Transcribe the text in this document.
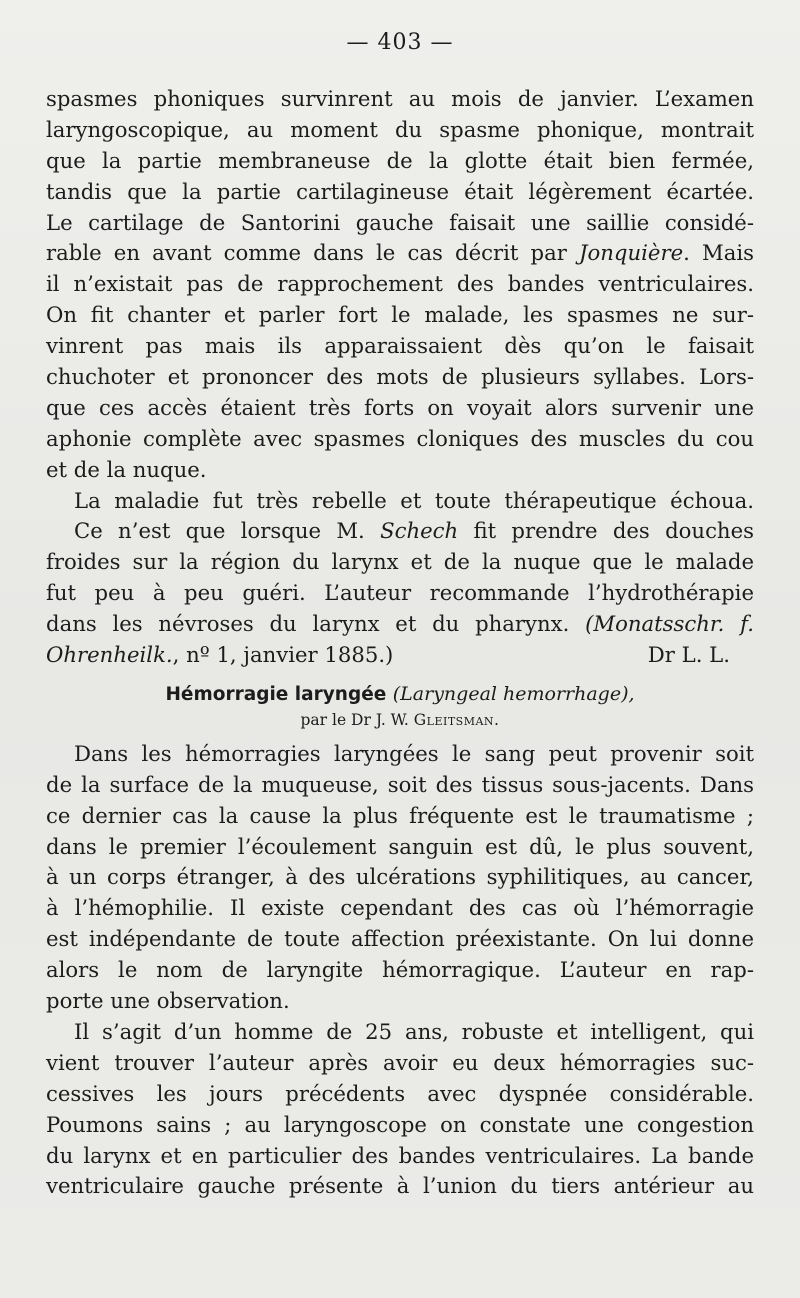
— 403 —

spasmes phoniques survinrent au mois de janvier. L’examen
laryngoscopique, au moment du spasme phonique, montrait
que la partie membraneuse de la glotte était bien fermée,
tandis que la partie cartilagineuse était légèrement écartée.
Le cartilage de Santorini gauche faisait une saillie considé-
rable en avant comme dans le cas décrit par Jonquière. Mais
il n’existait pas de rapprochement des bandes ventriculaires.
On fit chanter et parler fort le malade, les spasmes ne sur-
vinrent pas mais ils apparaissaient dès qu’on le faisait
chuchoter et prononcer des mots de plusieurs syllabes. Lors-
que ces accès étaient très forts on voyait alors survenir une
aphonie complète avec spasmes cloniques des muscles du cou
et de la nuque.

La maladie fut très rebelle et toute thérapeutique échoua.
Ce n’est que lorsque M. Schech fit prendre des douches
froides sur la région du larynx et de la nuque que le malade
fut peu à peu guéri. L’auteur recommande l’hydrothérapie
dans les névroses du larynx et du pharynx. (Monatsschr. f.
Ohrenheilk., nº 1, janvier 1885.)	Dr L. L.

Hémorragie laryngée (Laryngeal hemorrhage),
par le Dr J. W. Gleitsman.

Dans les hémorragies laryngées le sang peut provenir soit
de la surface de la muqueuse, soit des tissus sous-jacents. Dans
ce dernier cas la cause la plus fréquente est le traumatisme ;
dans le premier l’écoulement sanguin est dû, le plus souvent,
à un corps étranger, à des ulcérations syphilitiques, au cancer,
à l’hémophilie. Il existe cependant des cas où l’hémorragie
est indépendante de toute affection préexistante. On lui donne
alors le nom de laryngite hémorragique. L’auteur en rap-
porte une observation.

Il s’agit d’un homme de 25 ans, robuste et intelligent, qui
vient trouver l’auteur après avoir eu deux hémorragies suc-
cessives les jours précédents avec dyspnée considérable.
Poumons sains ; au laryngoscope on constate une congestion
du larynx et en particulier des bandes ventriculaires. La bande
ventriculaire gauche présente à l’union du tiers antérieur au
